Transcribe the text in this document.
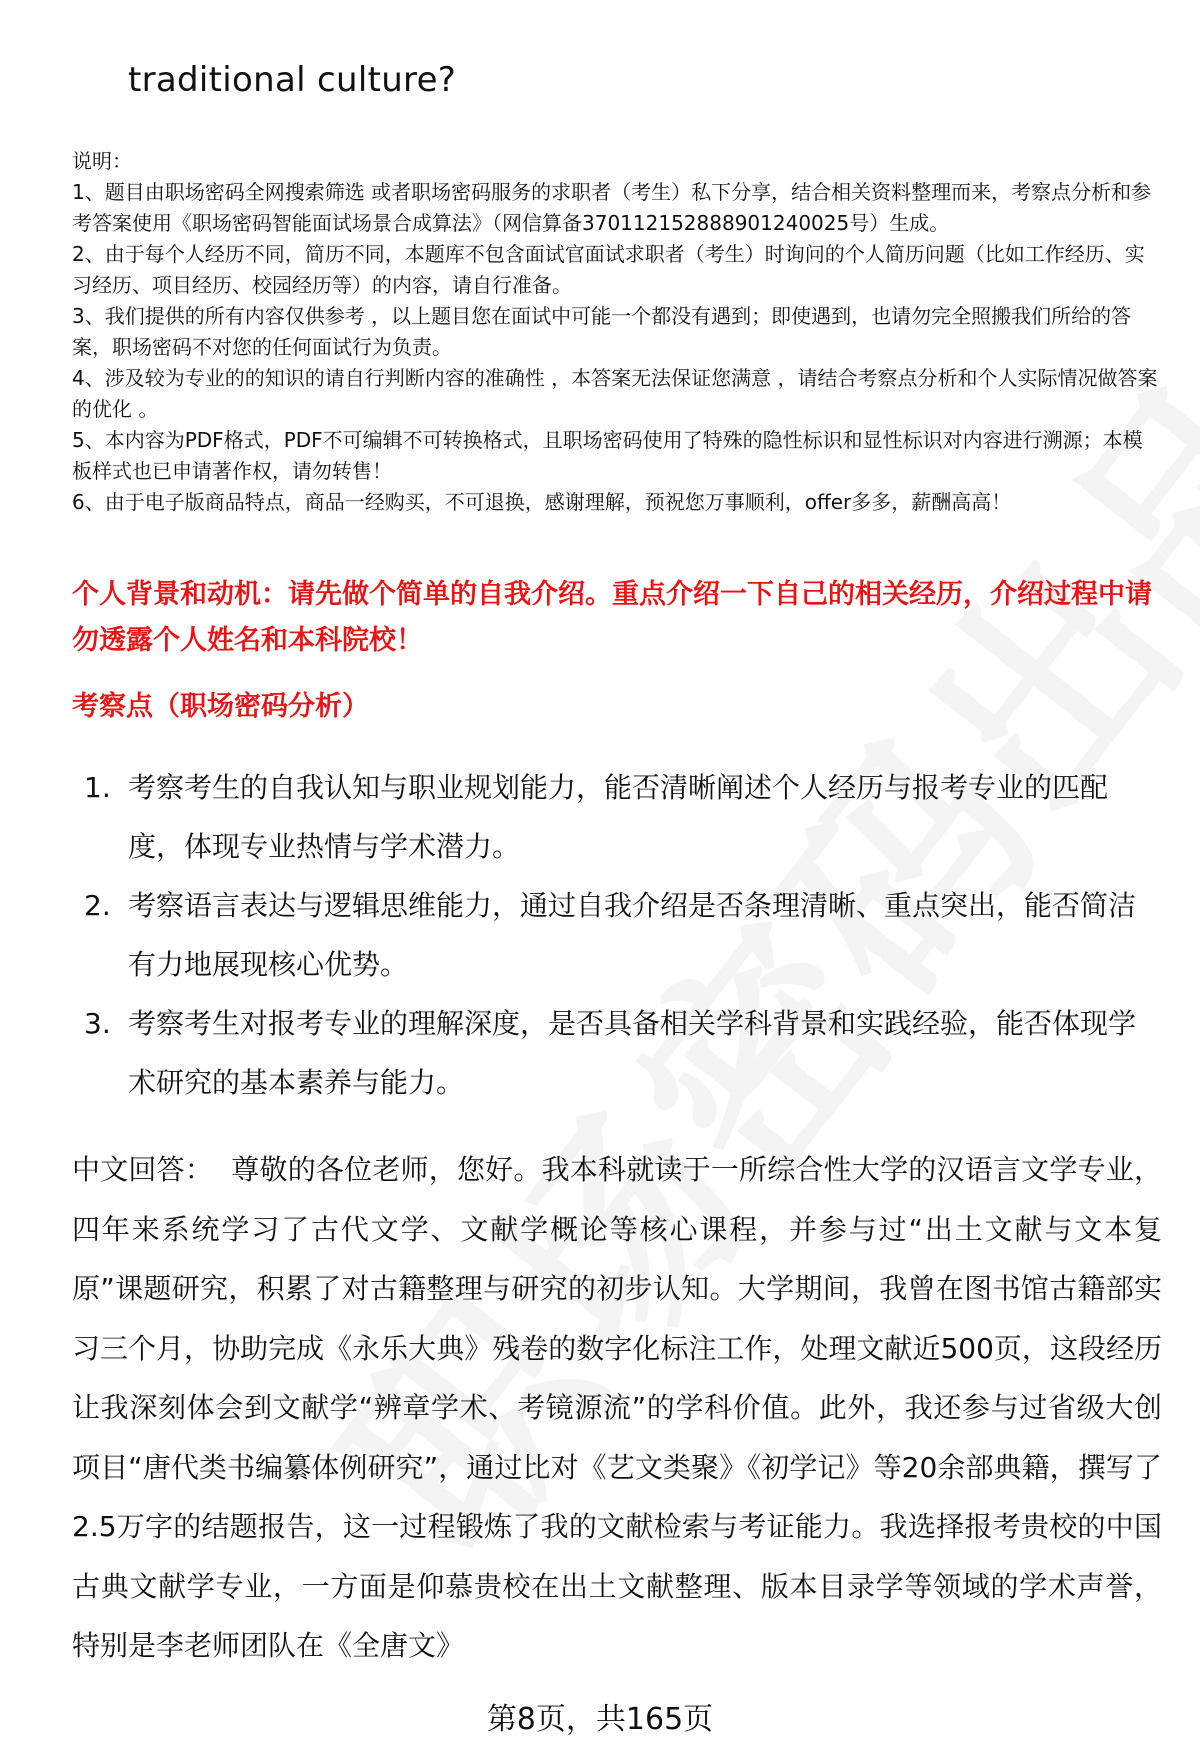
traditional culture?

说明：

1、题目由职场密码全网搜索筛选 或者职场密码服务的求职者（考生）私下分享，结合相关资料整理而来，考察点分析和参考答案使用《职场密码智能面试场景合成算法》（网信算备370112152888901240025号）生成。

2、由于每个人经历不同，简历不同，本题库不包含面试官面试求职者（考生）时询问的个人简历问题（比如工作经历、实习经历、项目经历、校园经历等）的内容，请自行准备。

3、我们提供的所有内容仅供参考 ，以上题目您在面试中可能一个都没有遇到；即使遇到，也请勿完全照搬我们所给的答案，职场密码不对您的任何面试行为负责。

4、涉及较为专业的的知识的请自行判断内容的准确性 ，本答案无法保证您满意 ，请结合考察点分析和个人实际情况做答案的优化 。

5、本内容为PDF格式，PDF不可编辑不可转换格式，且职场密码使用了特殊的隐性标识和显性标识对内容进行溯源；本模板样式也已申请著作权，请勿转售！

6、由于电子版商品特点，商品一经购买，不可退换，感谢理解，预祝您万事顺利，offer多多，薪酬高高！

个人背景和动机：请先做个简单的自我介绍。重点介绍一下自己的相关经历，介绍过程中请勿透露个人姓名和本科院校！
考察点（职场密码分析）
1. 考察考生的自我认知与职业规划能力，能否清晰阐述个人经历与报考专业的匹配度，体现专业热情与学术潜力。
2. 考察语言表达与逻辑思维能力，通过自我介绍是否条理清晰、重点突出，能否简洁有力地展现核心优势。
3. 考察考生对报考专业的理解深度，是否具备相关学科背景和实践经验，能否体现学术研究的基本素养与能力。

中文回答： 尊敬的各位老师，您好。我本科就读于一所综合性大学的汉语言文学专业，四年来系统学习了古代文学、文献学概论等核心课程，并参与过“出土文献与文本复原”课题研究，积累了对古籍整理与研究的初步认知。大学期间，我曾在图书馆古籍部实习三个月，协助完成《永乐大典》残卷的数字化标注工作，处理文献近500页，这段经历让我深刻体会到文献学“辨章学术、考镜源流”的学科价值。此外，我还参与过省级大创项目“唐代类书编纂体例研究”，通过比对《艺文类聚》《初学记》等20余部典籍，撰写了2.5万字的结题报告，这一过程锻炼了我的文献检索与考证能力。我选择报考贵校的中国古典文献学专业，一方面是仰慕贵校在出土文献整理、版本目录学等领域的学术声誉，特别是李老师团队在《全唐文》

第8页，共165页
